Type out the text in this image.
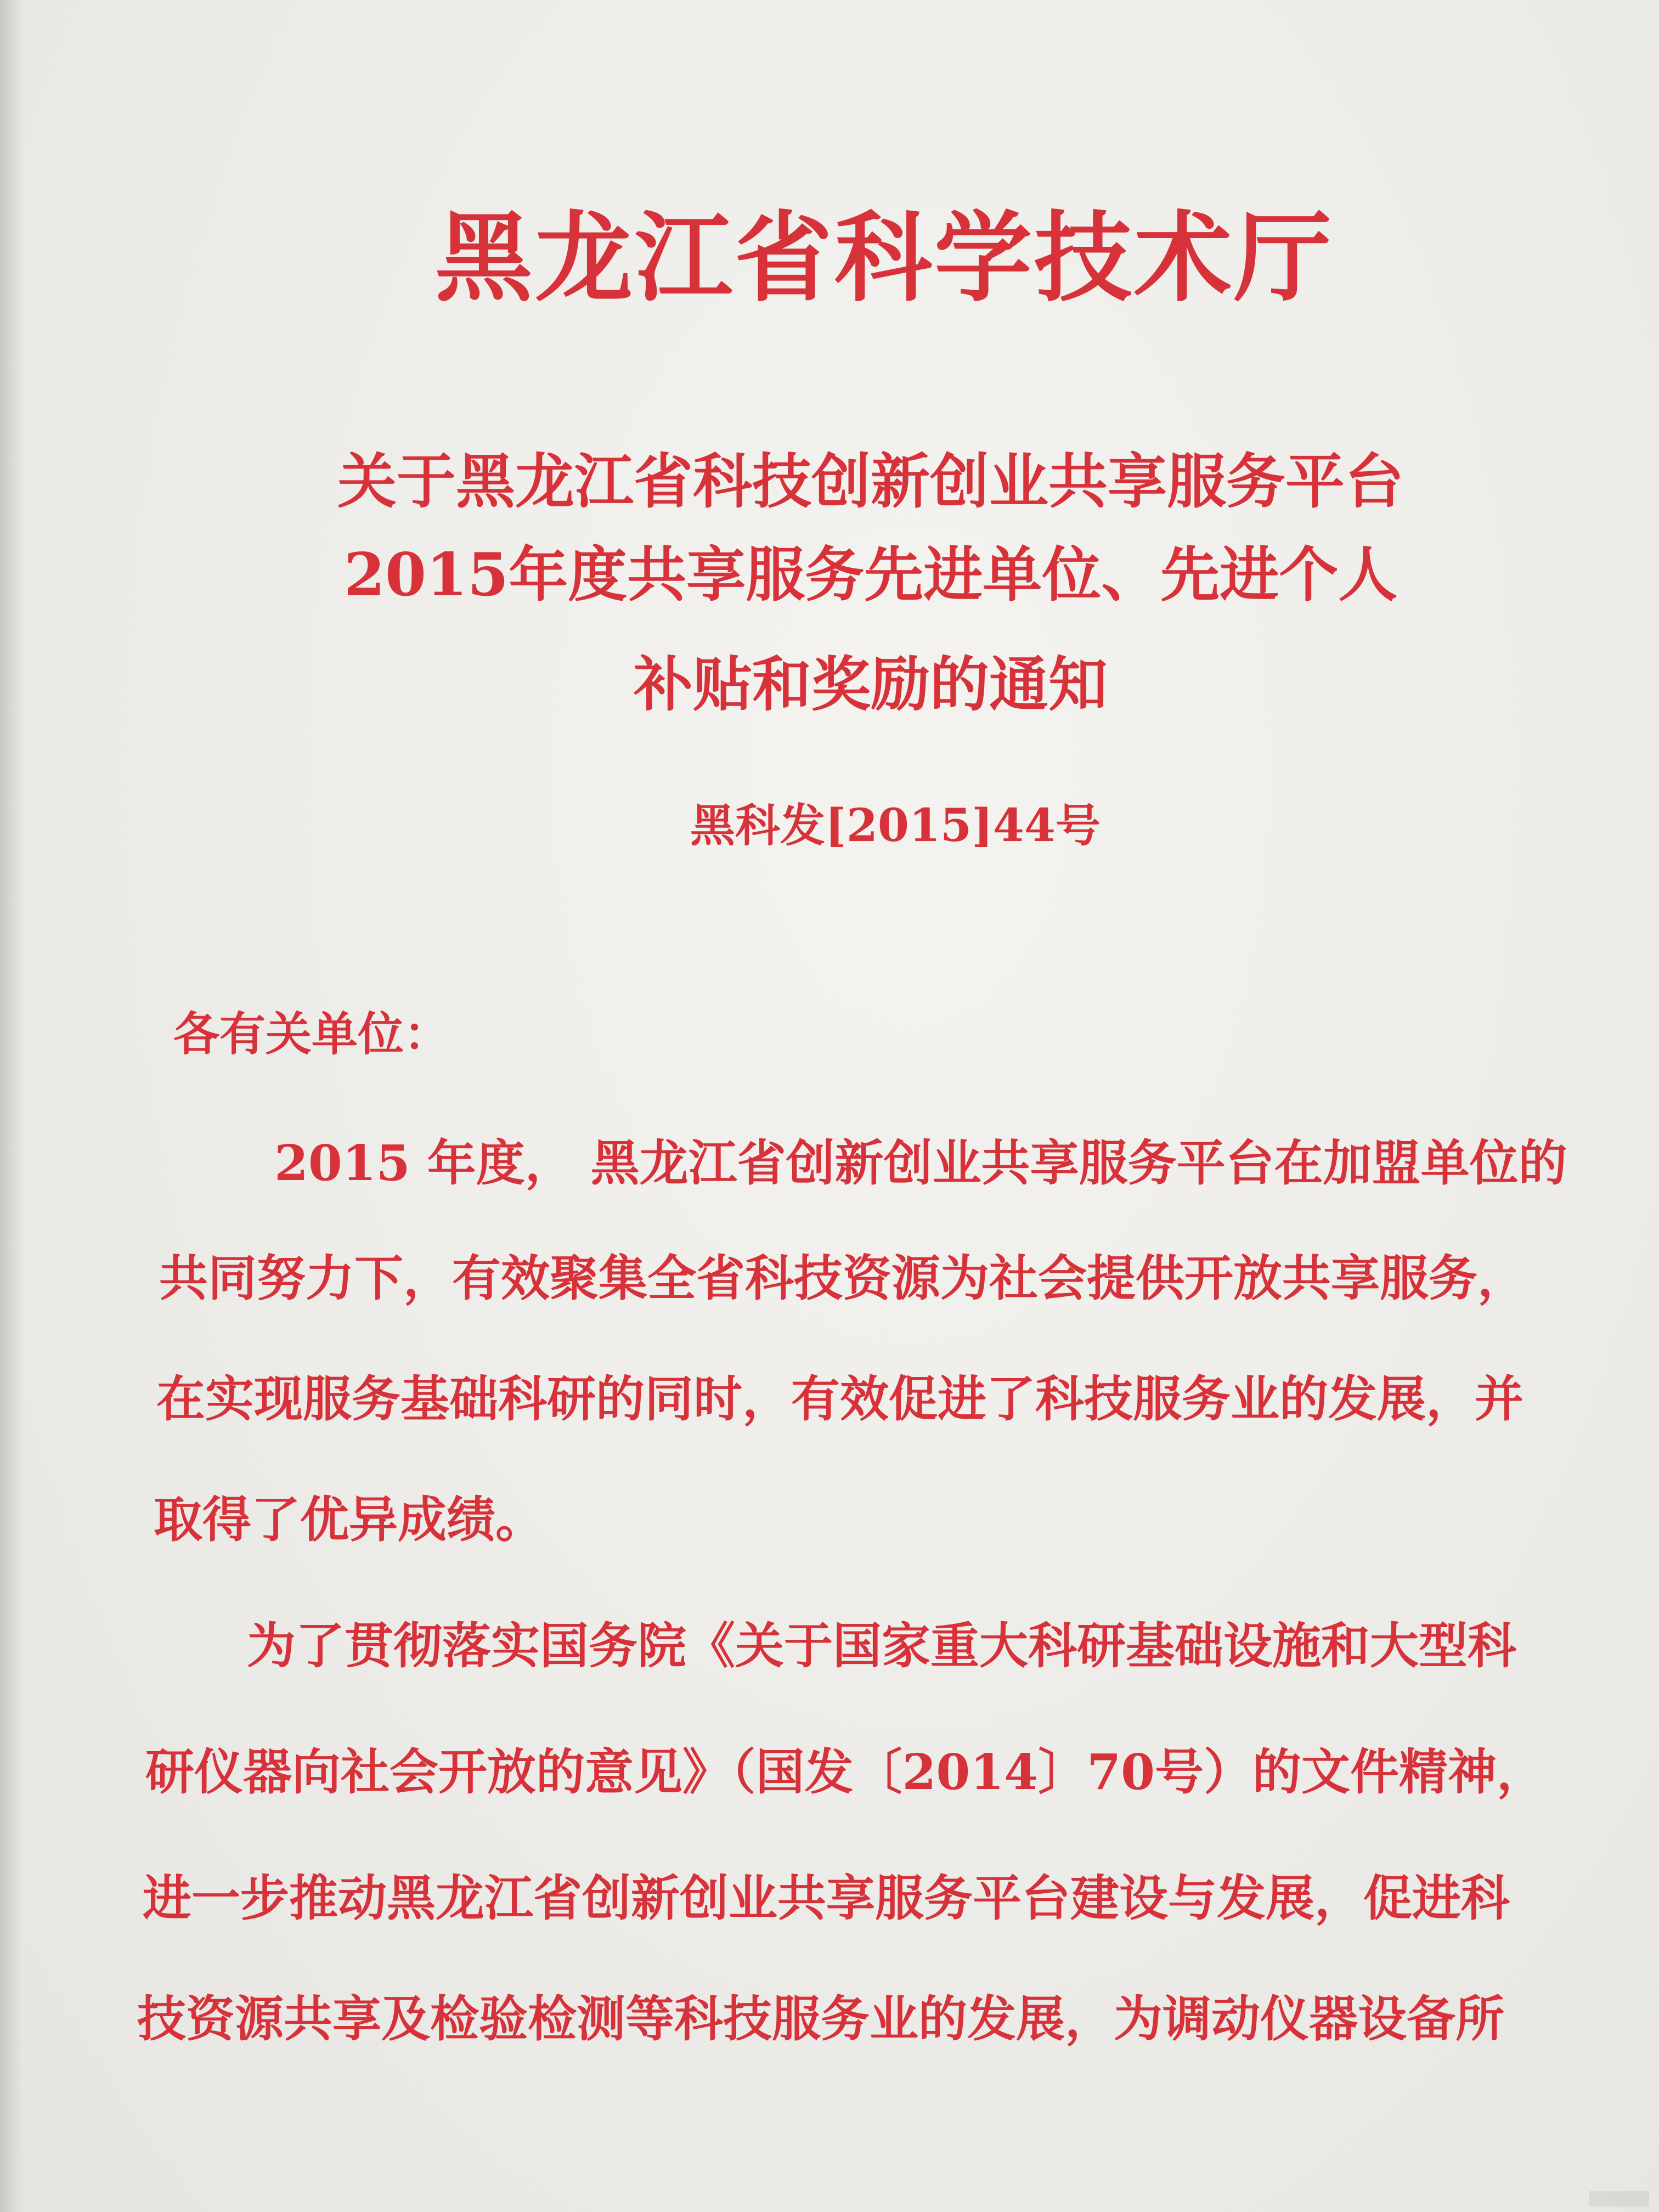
黑龙江省科学技术厅
关于黑龙江省科技创新创业共享服务平台
2015年度共享服务先进单位、先进个人
补贴和奖励的通知
黑科发[2015]44号
各有关单位：
2015 年度， 黑龙江省创新创业共享服务平台在加盟单位的
共同努力下，有效聚集全省科技资源为社会提供开放共享服务，
在实现服务基础科研的同时，有效促进了科技服务业的发展，并
取得了优异成绩。
为了贯彻落实国务院《关于国家重大科研基础设施和大型科
研仪器向社会开放的意见》（国发〔2014〕70号）的文件精神，
进一步推动黑龙江省创新创业共享服务平台建设与发展，促进科
技资源共享及检验检测等科技服务业的发展，为调动仪器设备所
